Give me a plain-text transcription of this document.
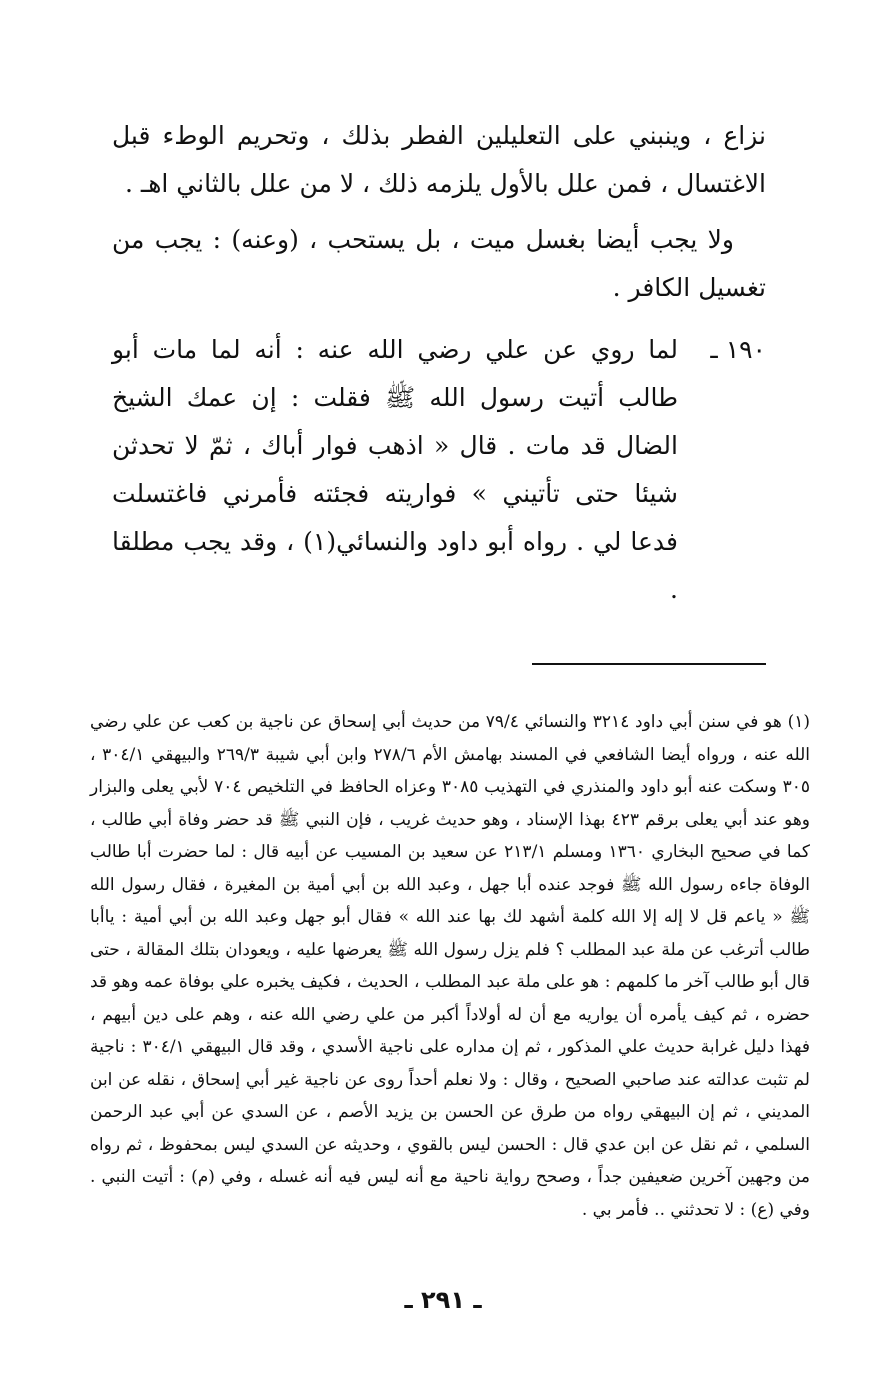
نزاع ، وينبني على التعليلين الفطر بذلك ، وتحريم الوطء قبل الاغتسال ، فمن علل بالأول يلزمه ذلك ، لا من علل بالثاني اهـ .

ولا يجب أيضا بغسل ميت ، بل يستحب ، (وعنه) : يجب من تغسيل الكافر .

١٩٠ ـ

لما روي عن علي رضي الله عنه : أنه لما مات أبو طالب أتيت رسول الله ﷺ فقلت : إن عمك الشيخ الضال قد مات . قال « اذهب فوار أباك ، ثمّ لا تحدثن شيئا حتى تأتيني » فواريته فجئته فأمرني فاغتسلت فدعا لي . رواه أبو داود والنسائي(١) ، وقد يجب مطلقا .

(١) هو في سنن أبي داود ٣٢١٤ والنسائي ٧٩/٤ من حديث أبي إسحاق عن ناجية بن كعب عن علي رضي الله عنه ، ورواه أيضا الشافعي في المسند بهامش الأم ٢٧٨/٦ وابن أبي شيبة ٢٦٩/٣ والبيهقي ٣٠٤/١ ، ٣٠٥ وسكت عنه أبو داود والمنذري في التهذيب ٣٠٨٥ وعزاه الحافظ في التلخيص ٧٠٤ لأبي يعلى والبزار وهو عند أبي يعلى برقم ٤٢٣ بهذا الإسناد ، وهو حديث غريب ، فإن النبي ﷺ قد حضر وفاة أبي طالب ، كما في صحيح البخاري ١٣٦٠ ومسلم ٢١٣/١ عن سعيد بن المسيب عن أبيه قال : لما حضرت أبا طالب الوفاة جاءه رسول الله ﷺ فوجد عنده أبا جهل ، وعبد الله بن أبي أمية بن المغيرة ، فقال رسول الله ﷺ « ياعم قل لا إله إلا الله كلمة أشهد لك بها عند الله » فقال أبو جهل وعبد الله بن أبي أمية : ياأبا طالب أترغب عن ملة عبد المطلب ؟ فلم يزل رسول الله ﷺ يعرضها عليه ، ويعودان بتلك المقالة ، حتى قال أبو طالب آخر ما كلمهم : هو على ملة عبد المطلب ، الحديث ، فكيف يخبره علي بوفاة عمه وهو قد حضره ، ثم كيف يأمره أن يواريه مع أن له أولاداً أكبر من علي رضي الله عنه ، وهم على دين أبيهم ، فهذا دليل غرابة حديث علي المذكور ، ثم إن مداره على ناجية الأسدي ، وقد قال البيهقي ٣٠٤/١ : ناجية لم تثبت عدالته عند صاحبي الصحيح ، وقال : ولا نعلم أحداً روى عن ناجية غير أبي إسحاق ، نقله عن ابن المديني ، ثم إن البيهقي رواه من طرق عن الحسن بن يزيد الأصم ، عن السدي عن أبي عبد الرحمن السلمي ، ثم نقل عن ابن عدي قال : الحسن ليس بالقوي ، وحديثه عن السدي ليس بمحفوظ ، ثم رواه من وجهين آخرين ضعيفين جداً ، وصحح رواية ناحية مع أنه ليس فيه أنه غسله ، وفي (م) : أتيت النبي . وفي (ع) : لا تحدثني .. فأمر بي .

ـ ٢٩١ ـ
